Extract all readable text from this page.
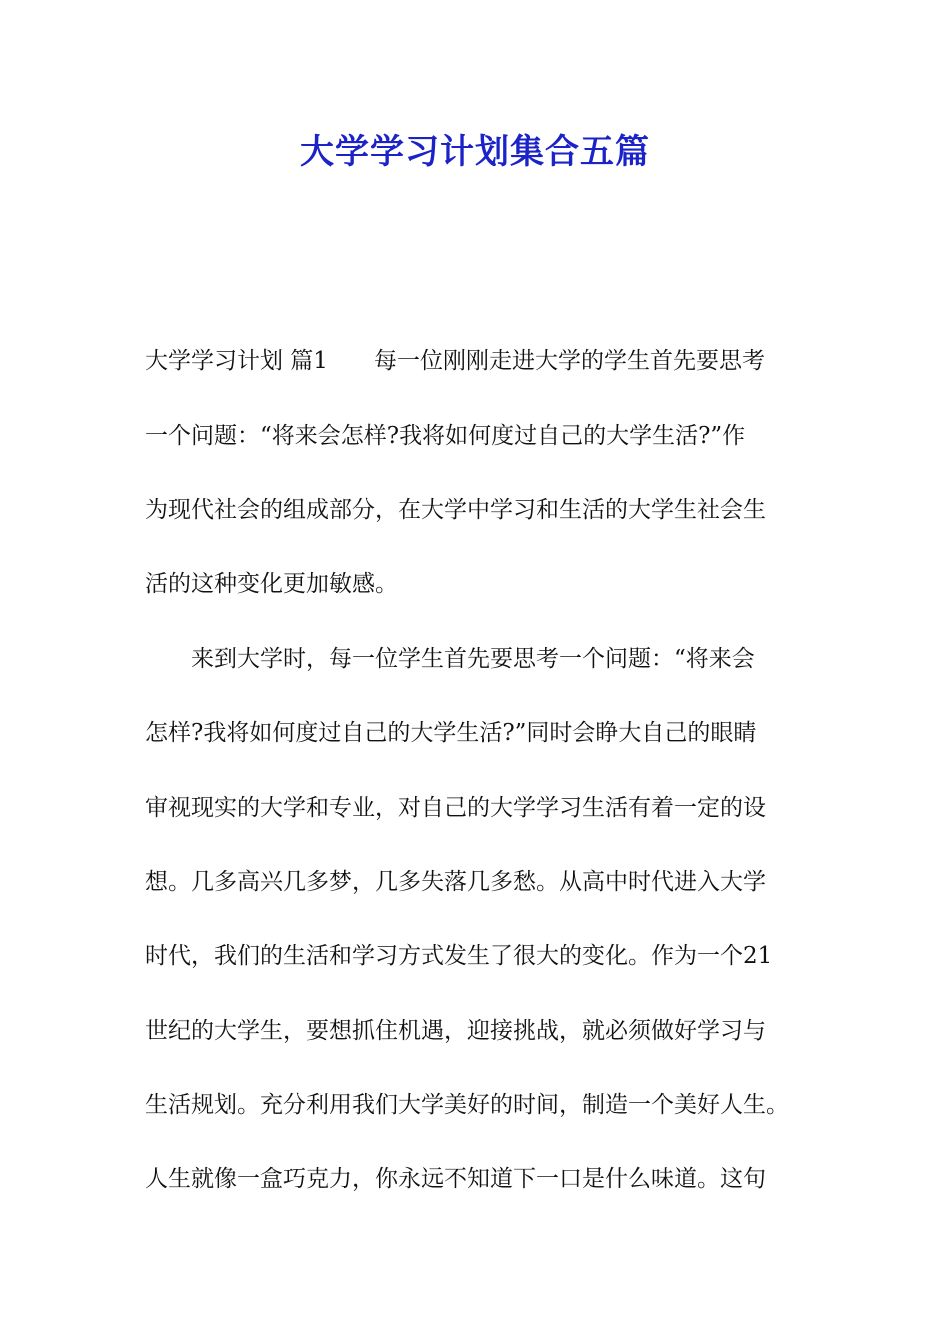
大学学习计划集合五篇
大学学习计划 篇1　　每一位刚刚走进大学的学生首先要思考
一个问题：“将来会怎样?我将如何度过自己的大学生活?”作
为现代社会的组成部分，在大学中学习和生活的大学生社会生
活的这种变化更加敏感。
　　来到大学时，每一位学生首先要思考一个问题：“将来会
怎样?我将如何度过自己的大学生活?”同时会睁大自己的眼睛
审视现实的大学和专业，对自己的大学学习生活有着一定的设
想。几多高兴几多梦，几多失落几多愁。从高中时代进入大学
时代，我们的生活和学习方式发生了很大的变化。作为一个21
世纪的大学生，要想抓住机遇，迎接挑战，就必须做好学习与
生活规划。充分利用我们大学美好的时间，制造一个美好人生。
人生就像一盒巧克力，你永远不知道下一口是什么味道。这句
